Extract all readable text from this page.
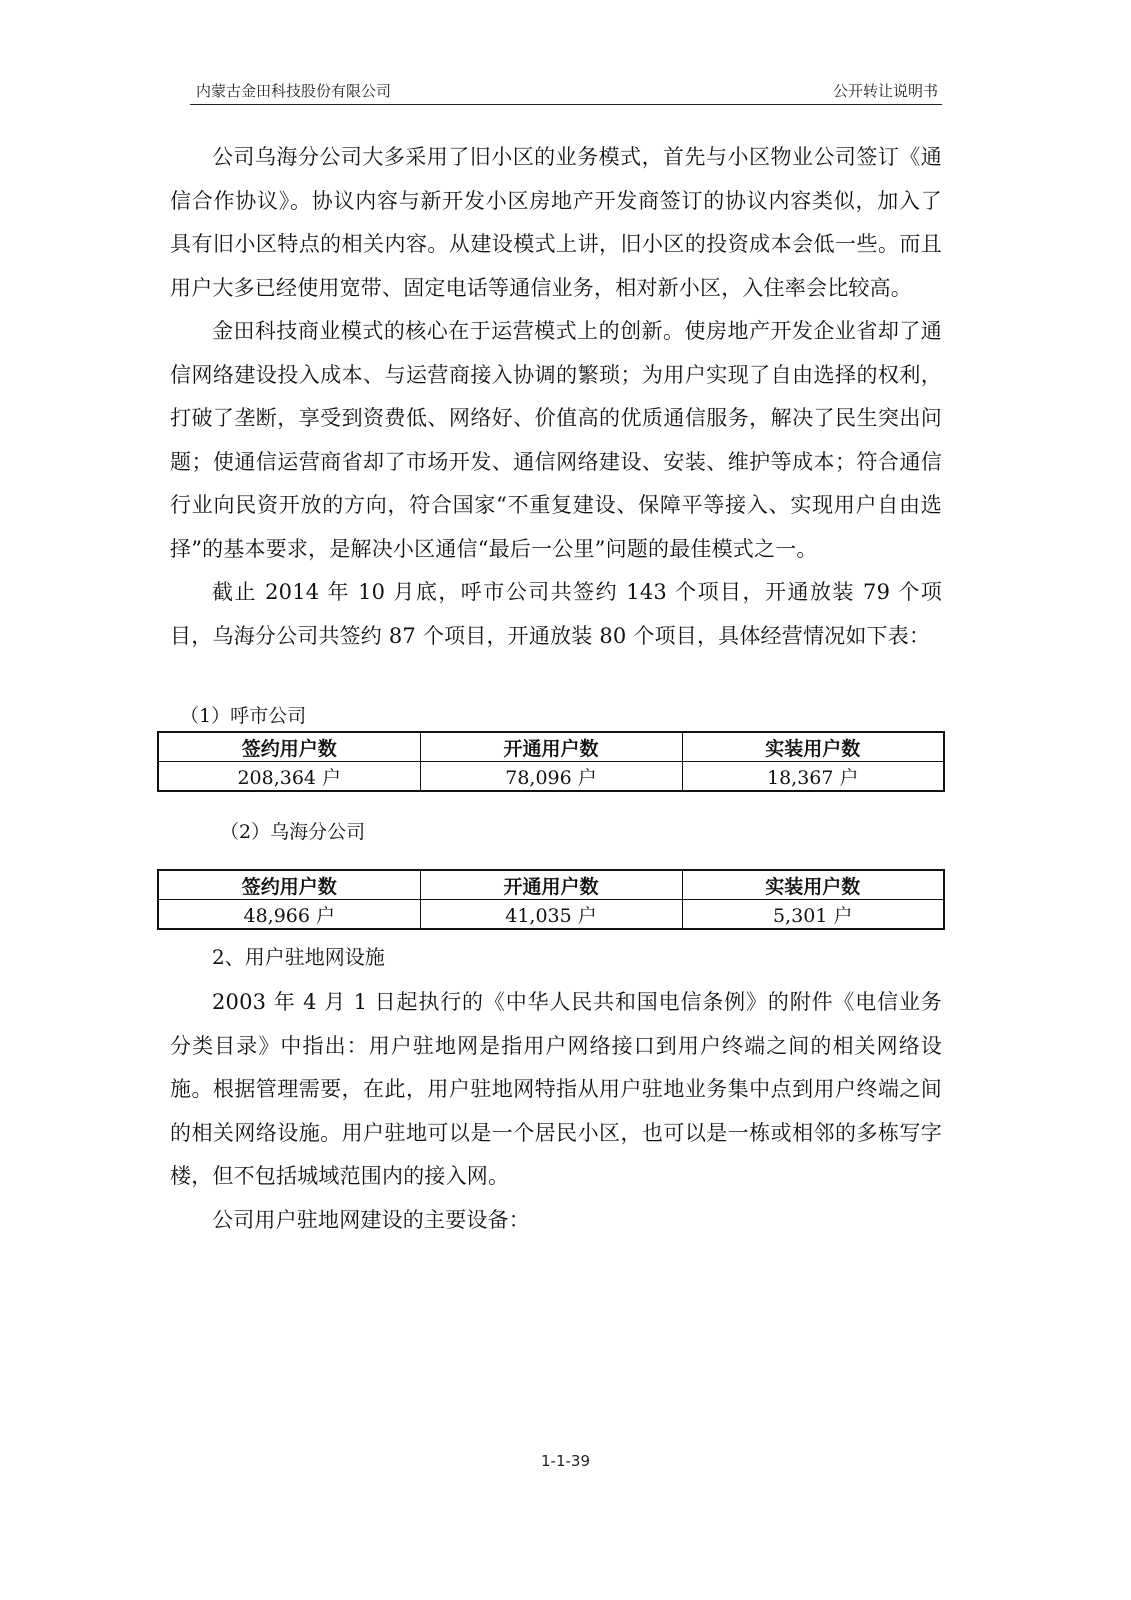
内蒙古金田科技股份有限公司	公开转让说明书

公司乌海分公司大多采用了旧小区的业务模式，首先与小区物业公司签订《通信合作协议》。协议内容与新开发小区房地产开发商签订的协议内容类似，加入了具有旧小区特点的相关内容。从建设模式上讲，旧小区的投资成本会低一些。而且用户大多已经使用宽带、固定电话等通信业务，相对新小区，入住率会比较高。

金田科技商业模式的核心在于运营模式上的创新。使房地产开发企业省却了通信网络建设投入成本、与运营商接入协调的繁琐；为用户实现了自由选择的权利，打破了垄断，享受到资费低、网络好、价值高的优质通信服务，解决了民生突出问题；使通信运营商省却了市场开发、通信网络建设、安装、维护等成本；符合通信行业向民资开放的方向，符合国家“不重复建设、保障平等接入、实现用户自由选择”的基本要求，是解决小区通信“最后一公里”问题的最佳模式之一。

截止 2014 年 10 月底，呼市公司共签约 143 个项目，开通放装 79 个项目，乌海分公司共签约 87 个项目，开通放装 80 个项目，具体经营情况如下表：

（1）呼市公司
签约用户数	开通用户数	实装用户数
208,364 户	78,096 户	18,367 户
（2）乌海分公司
签约用户数	开通用户数	实装用户数
48,966 户	41,035 户	5,301 户
2、用户驻地网设施

2003 年 4 月 1 日起执行的《中华人民共和国电信条例》的附件《电信业务分类目录》中指出：用户驻地网是指用户网络接口到用户终端之间的相关网络设施。根据管理需要，在此，用户驻地网特指从用户驻地业务集中点到用户终端之间的相关网络设施。用户驻地可以是一个居民小区，也可以是一栋或相邻的多栋写字楼，但不包括城域范围内的接入网。

公司用户驻地网建设的主要设备：

1-1-39
